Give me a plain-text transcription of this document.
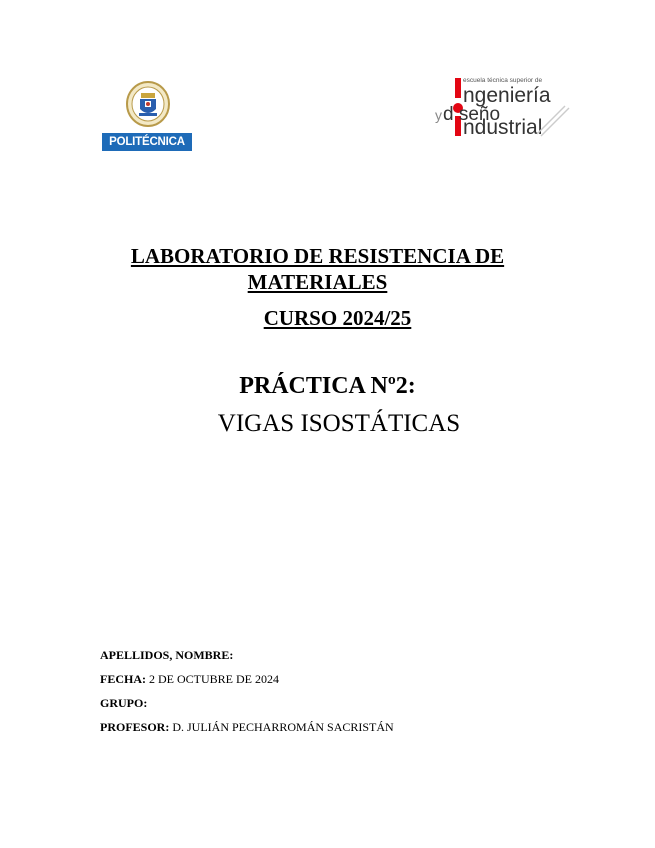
POLITÉCNICA
escuela técnica superior de
ngeniería
y d seño
ndustrial
LABORATORIO DE RESISTENCIA DE
MATERIALES
CURSO 2024/25
PRÁCTICA Nº2:
VIGAS ISOSTÁTICAS
APELLIDOS, NOMBRE:
FECHA: 2 DE OCTUBRE DE 2024
GRUPO:
PROFESOR: D. JULIÁN PECHARROMÁN SACRISTÁN
